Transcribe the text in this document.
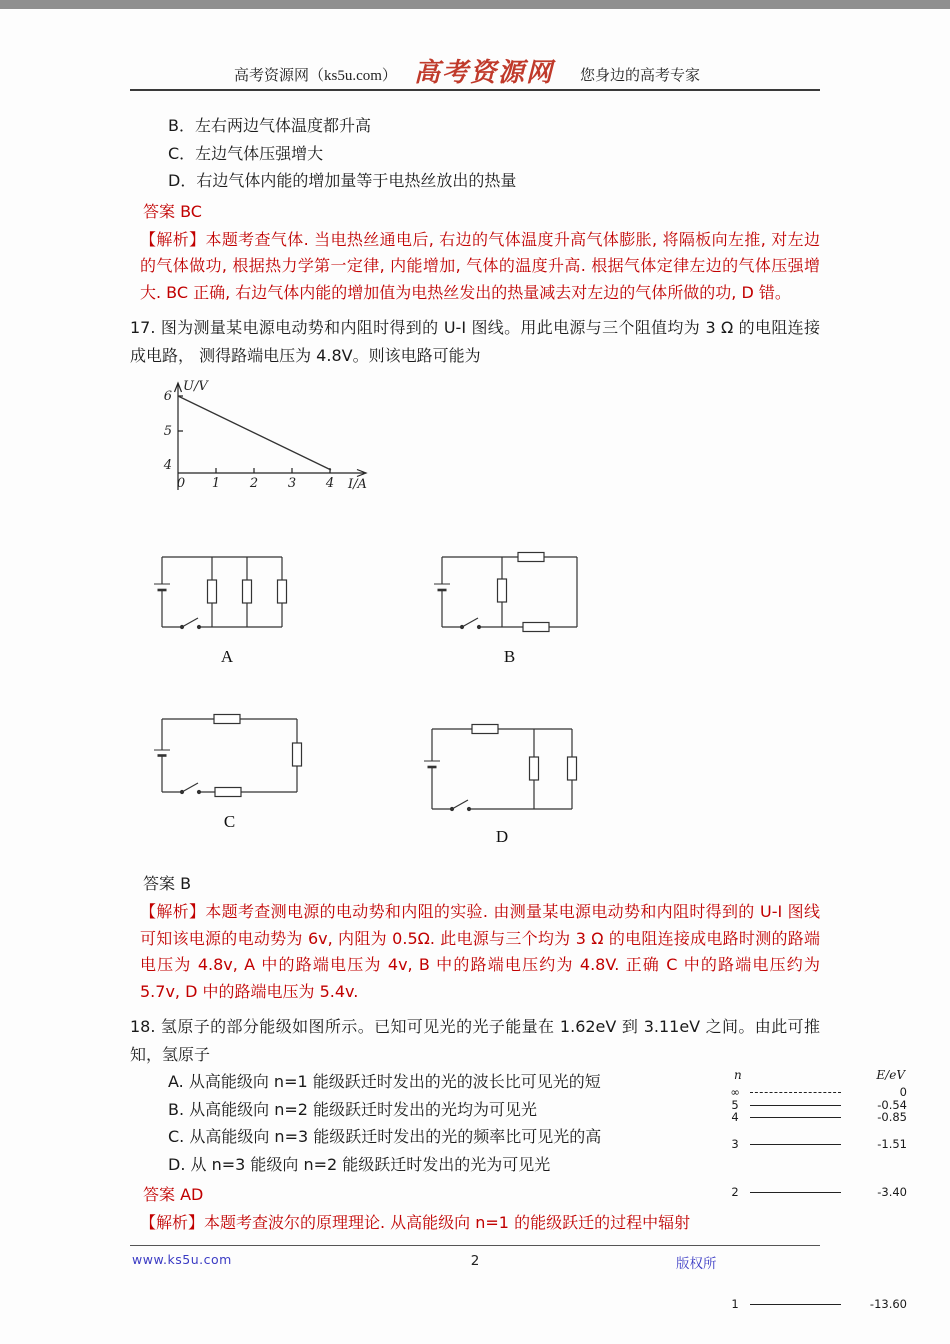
高考资源网（ks5u.com） 高考资源网 您身边的高考专家

B．左右两边气体温度都升高

C．左边气体压强增大

D．右边气体内能的增加量等于电热丝放出的热量

答案 BC

【解析】本题考查气体. 当电热丝通电后, 右边的气体温度升高气体膨胀, 将隔板向左推, 对左边的气体做功, 根据热力学第一定律, 内能增加, 气体的温度升高. 根据气体定律左边的气体压强增大. BC 正确, 右边气体内能的增加值为电热丝发出的热量减去对左边的气体所做的功, D 错。

17. 图为测量某电源电动势和内阻时得到的 U-I 图线。用此电源与三个阻值均为 3 Ω 的电阻连接成电路， 测得路端电压为 4.8V。则该电路可能为

U/V
I/A
6
5
4
0 1 2 3 4
A	B
C
D

答案 B

【解析】本题考查测电源的电动势和内阻的实验. 由测量某电源电动势和内阻时得到的 U-I 图线可知该电源的电动势为 6v, 内阻为 0.5Ω. 此电源与三个均为 3 Ω 的电阻连接成电路时测的路端电压为 4.8v, A 中的路端电压为 4v, B 中的路端电压约为 4.8V. 正确 C 中的路端电压约为 5.7v, D 中的路端电压为 5.4v.

18. 氢原子的部分能级如图所示。已知可见光的光子能量在 1.62eV 到 3.11eV 之间。由此可推知，氢原子

A. 从高能级向 n=1 能级跃迁时发出的光的波长比可见光的短

B. 从高能级向 n=2 能级跃迁时发出的光均为可见光

C. 从高能级向 n=3 能级跃迁时发出的光的频率比可见光的高

D. 从 n=3 能级向 n=2 能级跃迁时发出的光为可见光

答案 AD

【解析】本题考查波尔的原理理论. 从高能级向 n=1 的能级跃迁的过程中辐射

n	E/eV
∞	0
5	-0.54
4	-0.85
3	-1.51
2	-3.40
1	-13.60
www.ks5u.com	2	版权所
